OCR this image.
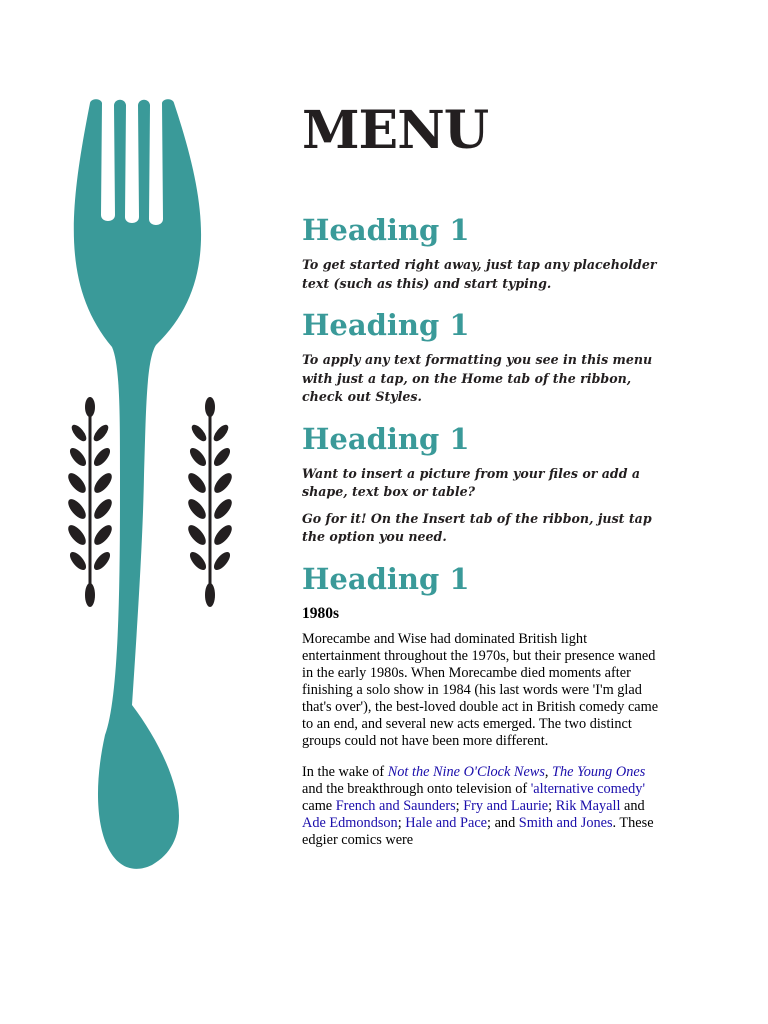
MENU
Heading 1
To get started right away, just tap any placeholder text (such as this) and start typing.
Heading 1
To apply any text formatting you see in this menu with just a tap, on the Home tab of the ribbon, check out Styles.
Heading 1
Want to insert a picture from your files or add a shape, text box or table?
Go for it! On the Insert tab of the ribbon, just tap the option you need.
Heading 1
1980s

Morecambe and Wise had dominated British light entertainment throughout the 1970s, but their presence waned in the early 1980s. When Morecambe died moments after finishing a solo show in 1984 (his last words were 'I'm glad that's over'), the best-loved double act in British comedy came to an end, and several new acts emerged. The two distinct groups could not have been more different.

In the wake of Not the Nine O'Clock News, The Young Ones and the breakthrough onto television of 'alternative comedy' came French and Saunders; Fry and Laurie; Rik Mayall and Ade Edmondson; Hale and Pace; and Smith and Jones. These edgier comics were
